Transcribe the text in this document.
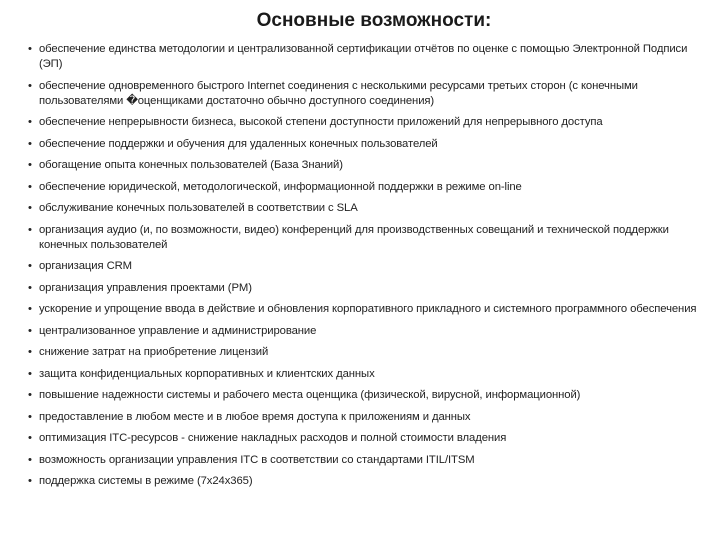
Основные возможности:
• обеспечение единства методологии и централизованной сертификации отчётов по оценке с помощью Электронной Подписи (ЭП)
• обеспечение одновременного быстрого Internet соединения с несколькими ресурсами третьих сторон (с конечными пользователями �оценщиками достаточно обычно доступного соединения)
• обеспечение непрерывности бизнеса, высокой степени доступности приложений для непрерывного доступа
• обеспечение поддержки и обучения для удаленных конечных пользователей
• обогащение опыта конечных пользователей (База Знаний)
• обеспечение юридической, методологической, информационной поддержки в режиме on-line
• обслуживание конечных пользователей в соответствии с SLA
• организация аудио (и, по возможности, видео) конференций для производственных совещаний и технической поддержки конечных пользователей
• организация CRM
• организация управления проектами (PM)
• ускорение и упрощение ввода в действие и обновления корпоративного прикладного и системного программного обеспечения
• централизованное управление и администрирование
• снижение затрат на приобретение лицензий
• защита конфиденциальных корпоративных и клиентских данных
• повышение надежности системы и рабочего места оценщика (физической, вирусной, информационной)
• предоставление в любом месте и в любое время доступа к приложениям и данных
• оптимизация ITC-ресурсов - снижение накладных расходов и полной стоимости владения
• возможность организации управления ITC в соответствии со стандартами ITIL/ITSM
• поддержка системы в режиме (7x24x365)
